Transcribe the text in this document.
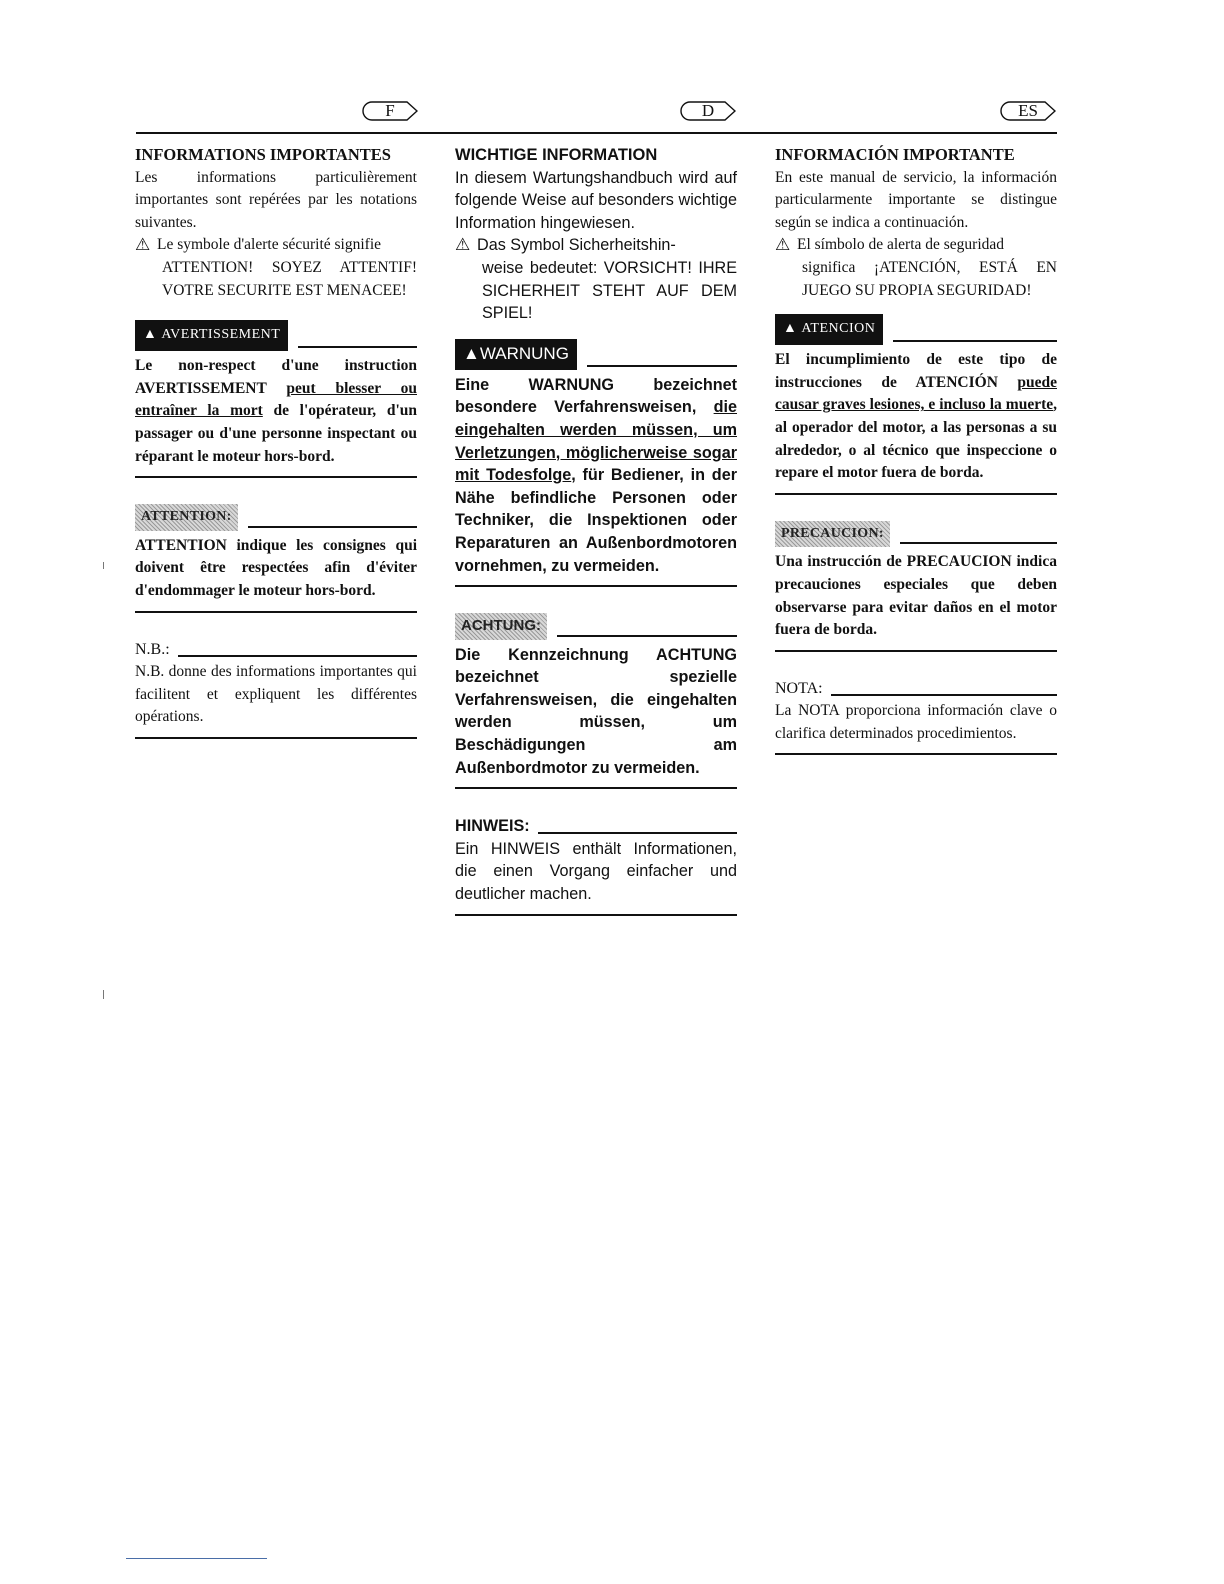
F	D	ES

INFORMATIONS IMPORTANTES

Les informations particulièrement importantes sont repérées par les notations suivantes.

⚠ Le symbole d'alerte sécurité signifie

ATTENTION! SOYEZ ATTENTIF! VOTRE SECURITE EST MENACEE!

▲ AVERTISSEMENT

Le non-respect d'une instruction AVERTISSEMENT peut blesser ou entraîner la mort de l'opérateur, d'un passager ou d'une personne inspectant ou réparant le moteur hors-bord.

ATTENTION:

ATTENTION indique les consignes qui doivent être respectées afin d'éviter d'endommager le moteur hors-bord.

N.B.:

N.B. donne des informations importantes qui facilitent et expliquent les différentes opérations.

WICHTIGE INFORMATION

In diesem Wartungshandbuch wird auf folgende Weise auf besonders wichtige Information hingewiesen.

⚠ Das Symbol Sicherheitshin-

weise bedeutet: VORSICHT! IHRE SICHERHEIT STEHT AUF DEM SPIEL!

▲ WARNUNG

Eine WARNUNG bezeichnet besondere Verfahrensweisen, die eingehalten werden müssen, um Verletzungen, möglicherweise sogar mit Todesfolge, für Bediener, in der Nähe befindliche Personen oder Techniker, die Inspektionen oder Reparaturen an Außenbordmotoren vornehmen, zu vermeiden.

ACHTUNG:

Die Kennzeichnung ACHTUNG bezeichnet spezielle Verfahrensweisen, die eingehalten werden müssen, um Beschädigungen am Außenbordmotor zu vermeiden.

HINWEIS:

Ein HINWEIS enthält Informationen, die einen Vorgang einfacher und deutlicher machen.

INFORMACIÓN IMPORTANTE

En este manual de servicio, la información particularmente importante se distingue según se indica a continuación.

⚠ El símbolo de alerta de seguridad

significa ¡ATENCIÓN, ESTÁ EN JUEGO SU PROPIA SEGURIDAD!

▲ ATENCION

El incumplimiento de este tipo de instrucciones de ATENCIÓN puede causar graves lesiones, e incluso la muerte, al operador del motor, a las personas a su alrededor, o al técnico que inspeccione o repare el motor fuera de borda.

PRECAUCION:

Una instrucción de PRECAUCION indica precauciones especiales que deben observarse para evitar daños en el motor fuera de borda.

NOTA:

La NOTA proporciona información clave o clarifica determinados procedimientos.
